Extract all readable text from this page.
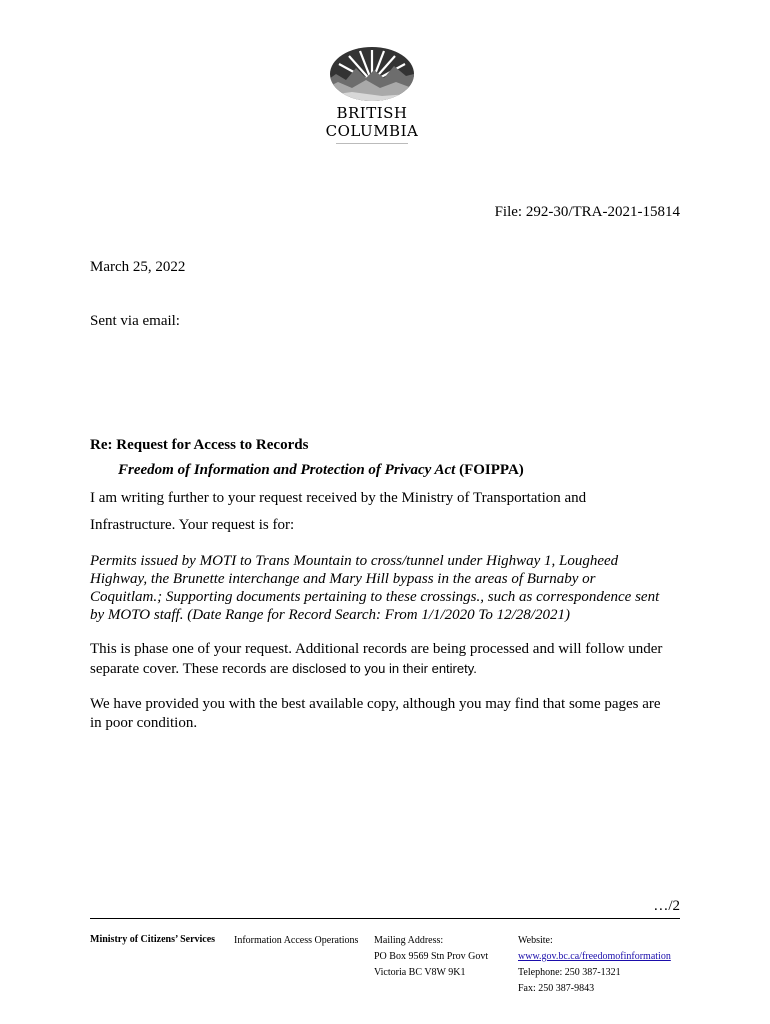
BRITISH
COLUMBIA
File: 292-30/TRA-2021-15814
March 25, 2022
Sent via email:
Re: Request for Access to Records
Freedom of Information and Protection of Privacy Act (FOIPPA)
I am writing further to your request received by the Ministry of Transportation and
Infrastructure. Your request is for:
Permits issued by MOTI to Trans Mountain to cross/tunnel under Highway 1, Lougheed
Highway, the Brunette interchange and Mary Hill bypass in the areas of Burnaby or
Coquitlam.; Supporting documents pertaining to these crossings., such as correspondence sent
by MOTO staff. (Date Range for Record Search: From 1/1/2020 To 12/28/2021)
This is phase one of your request. Additional records are being processed and will follow under
separate cover. These records are disclosed to you in their entirety.
We have provided you with the best available copy, although you may find that some pages are
in poor condition.
…/2
Ministry of Citizens’ Services Information Access Operations Mailing Address:
PO Box 9569 Stn Prov Govt
Victoria BC V8W 9K1
Website:
www.gov.bc.ca/freedomofinformation
Telephone: 250 387-1321
Fax: 250 387-9843
